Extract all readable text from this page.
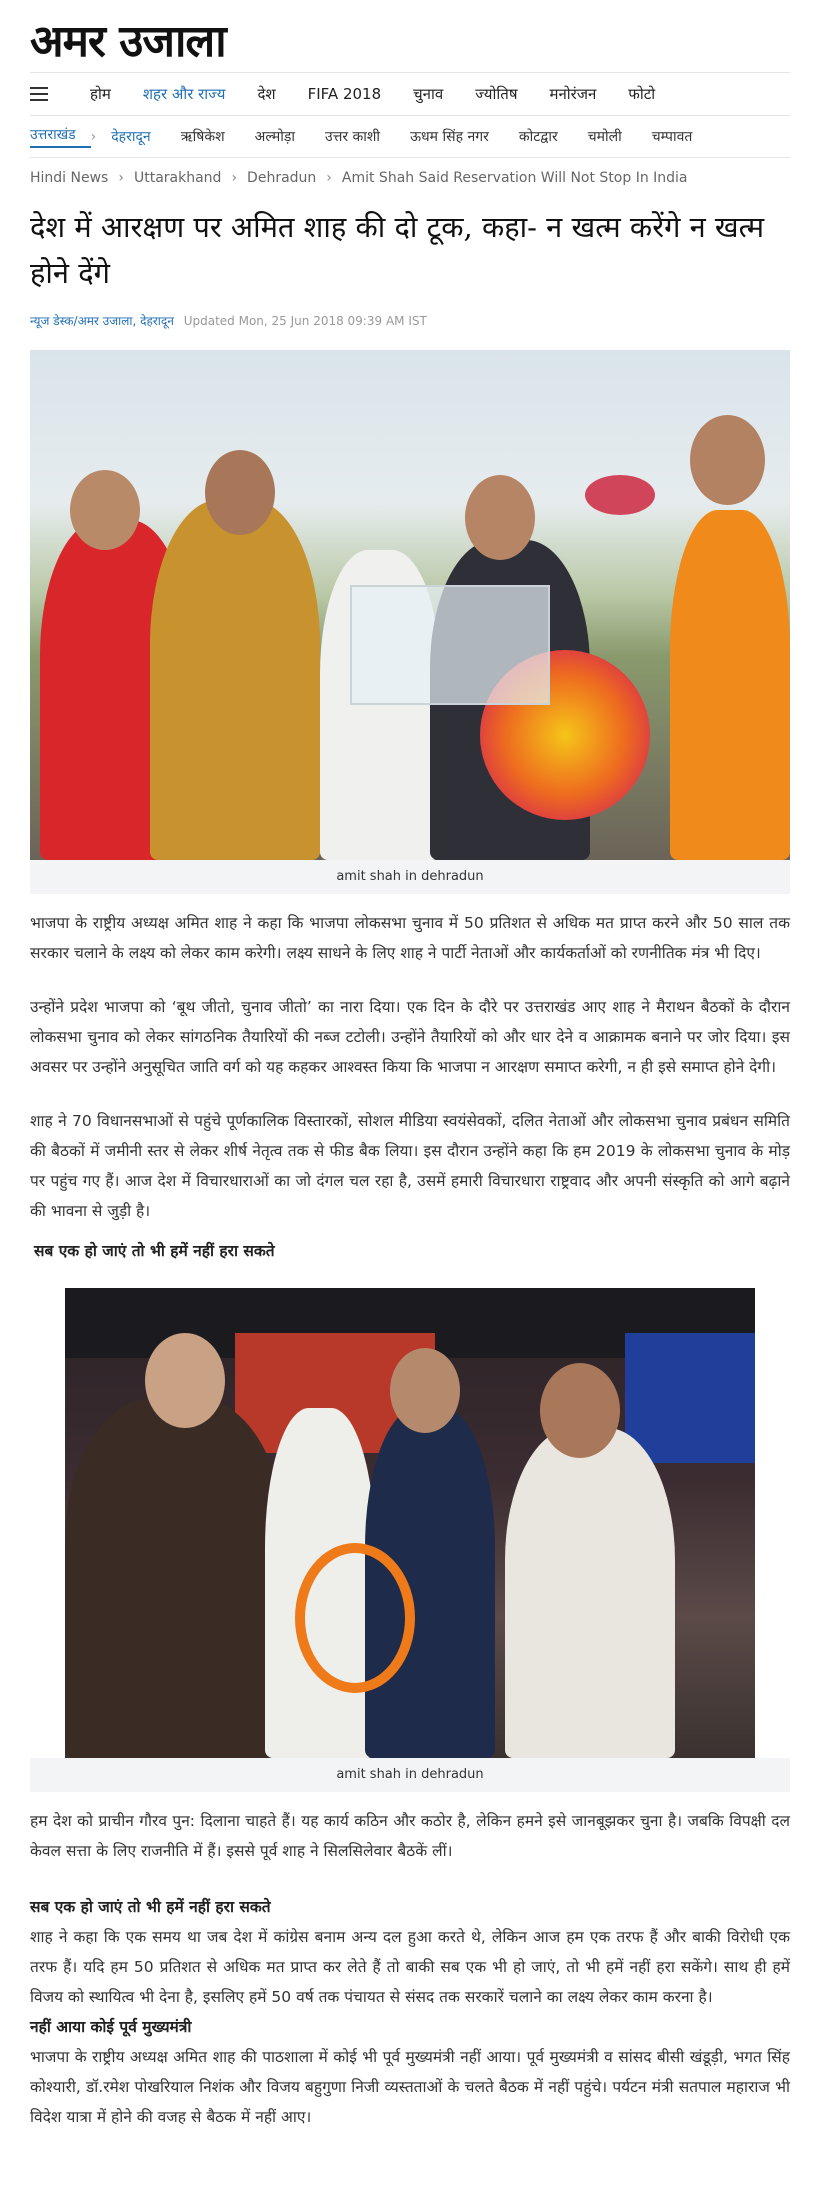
अमर उजाला
होम	शहर और राज्य	देश	FIFA 2018	चुनाव	ज्योतिष	मनोरंजन	फोटो
उत्तराखंड	›	देहरादून	ऋषिकेश	अल्मोड़ा	उत्तर काशी	ऊधम सिंह नगर	कोटद्वार	चमोली	चम्पावत
Hindi News › Uttarakhand › Dehradun › Amit Shah Said Reservation Will Not Stop In India
देश में आरक्षण पर अमित शाह की दो टूक, कहा- न खत्म करेंगे न खत्म होने देंगे
न्यूज डेस्क/अमर उजाला, देहरादून Updated Mon, 25 Jun 2018 09:39 AM IST
amit shah in dehradun

भाजपा के राष्ट्रीय अध्यक्ष अमित शाह ने कहा कि भाजपा लोकसभा चुनाव में 50 प्रतिशत से अधिक मत प्राप्त करने और 50 साल तक सरकार चलाने के लक्ष्य को लेकर काम करेगी। लक्ष्य साधने के लिए शाह ने पार्टी नेताओं और कार्यकर्ताओं को रणनीतिक मंत्र भी दिए।

उन्होंने प्रदेश भाजपा को ‘बूथ जीतो, चुनाव जीतो’ का नारा दिया। एक दिन के दौरे पर उत्तराखंड आए शाह ने मैराथन बैठकों के दौरान लोकसभा चुनाव को लेकर सांगठनिक तैयारियों की नब्ज टटोली। उन्होंने तैयारियों को और धार देने व आक्रामक बनाने पर जोर दिया। इस अवसर पर उन्होंने अनुसूचित जाति वर्ग को यह कहकर आश्वस्त किया कि भाजपा न आरक्षण समाप्त करेगी, न ही इसे समाप्त होने देगी।

शाह ने 70 विधानसभाओं से पहुंचे पूर्णकालिक विस्तारकों, सोशल मीडिया स्वयंसेवकों, दलित नेताओं और लोकसभा चुनाव प्रबंधन समिति की बैठकों में जमीनी स्तर से लेकर शीर्ष नेतृत्व तक से फीड बैक लिया। इस दौरान उन्होंने कहा कि हम 2019 के लोकसभा चुनाव के मोड़ पर पहुंच गए हैं। आज देश में विचारधाराओं का जो दंगल चल रहा है, उसमें हमारी विचारधारा राष्ट्रवाद और अपनी संस्कृति को आगे बढ़ाने की भावना से जुड़ी है।

सब एक हो जाएं तो भी हमें नहीं हरा सकते
amit shah in dehradun

हम देश को प्राचीन गौरव पुन: दिलाना चाहते हैं। यह कार्य कठिन और कठोर है, लेकिन हमने इसे जानबूझकर चुना है। जबकि विपक्षी दल केवल सत्ता के लिए राजनीति में हैं। इससे पूर्व शाह ने सिलसिलेवार बैठकें लीं।

सब एक हो जाएं तो भी हमें नहीं हरा सकते

शाह ने कहा कि एक समय था जब देश में कांग्रेस बनाम अन्य दल हुआ करते थे, लेकिन आज हम एक तरफ हैं और बाकी विरोधी एक तरफ हैं। यदि हम 50 प्रतिशत से अधिक मत प्राप्त कर लेते हैं तो बाकी सब एक भी हो जाएं, तो भी हमें नहीं हरा सकेंगे। साथ ही हमें विजय को स्थायित्व भी देना है, इसलिए हमें 50 वर्ष तक पंचायत से संसद तक सरकारें चलाने का लक्ष्य लेकर काम करना है।

नहीं आया कोई पूर्व मुख्यमंत्री

भाजपा के राष्ट्रीय अध्यक्ष अमित शाह की पाठशाला में कोई भी पूर्व मुख्यमंत्री नहीं आया। पूर्व मुख्यमंत्री व सांसद बीसी खंडूड़ी, भगत सिंह कोश्यारी, डॉ.रमेश पोखरियाल निशंक और विजय बहुगुणा निजी व्यस्तताओं के चलते बैठक में नहीं पहुंचे। पर्यटन मंत्री सतपाल महाराज भी विदेश यात्रा में होने की वजह से बैठक में नहीं आए।
